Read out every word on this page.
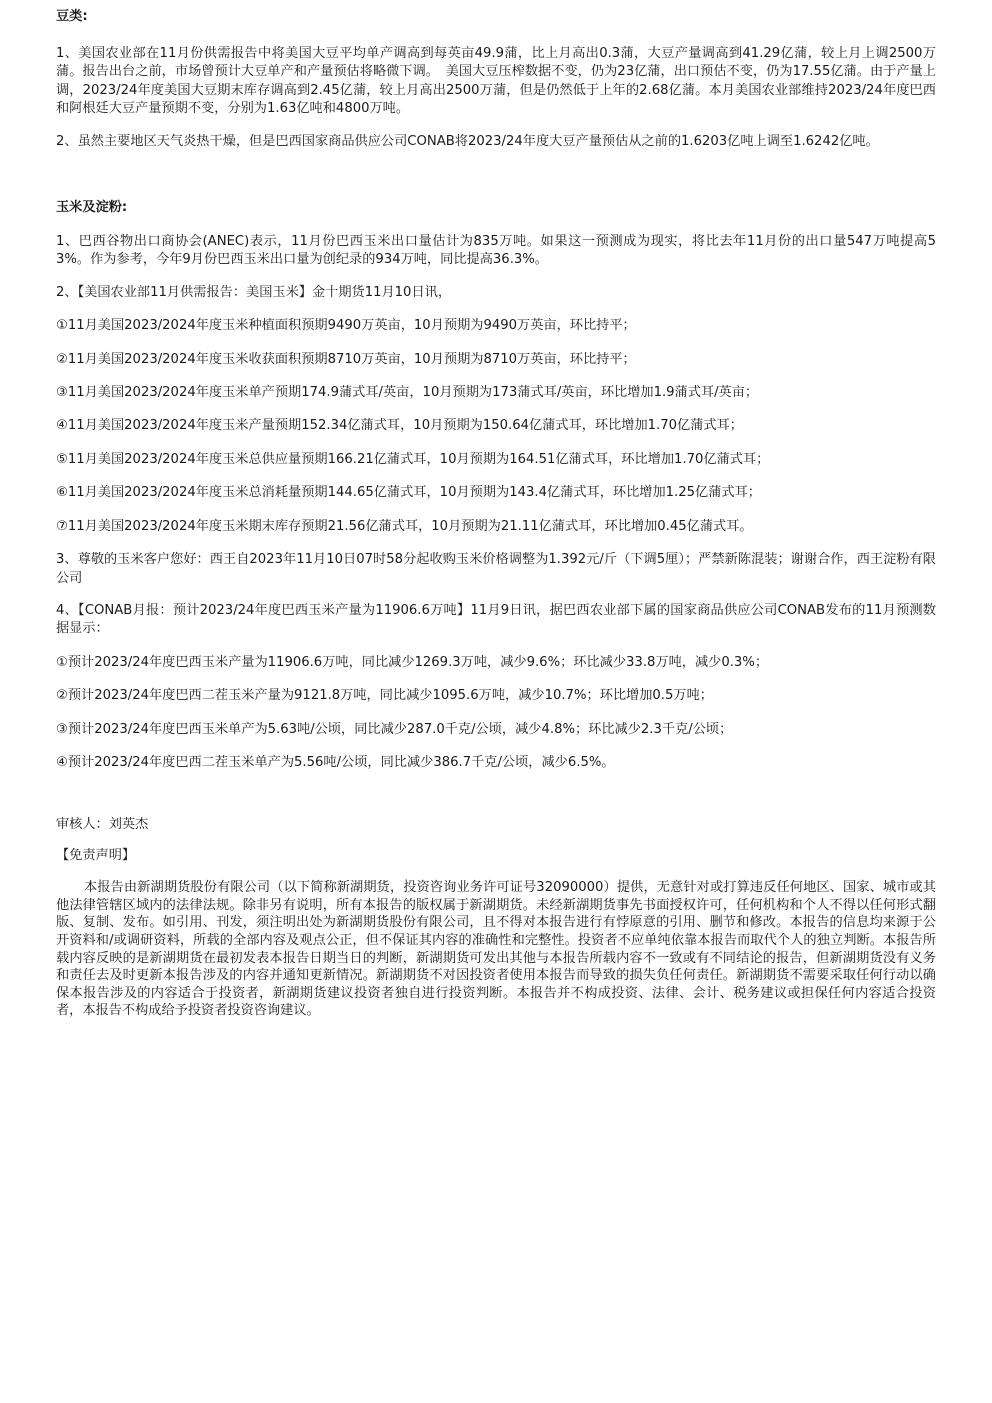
豆类:

1、美国农业部在11月份供需报告中将美国大豆平均单产调高到每英亩49.9蒲，比上月高出0.3蒲，大豆产量调高到41.29亿蒲，较上月上调2500万蒲。报告出台之前，市场曾预计大豆单产和产量预估将略微下调。　美国大豆压榨数据不变，仍为23亿蒲，出口预估不变，仍为17.55亿蒲。由于产量上调，2023/24年度美国大豆期末库存调高到2.45亿蒲，较上月高出2500万蒲，但是仍然低于上年的2.68亿蒲。本月美国农业部维持2023/24年度巴西和阿根廷大豆产量预期不变，分别为1.63亿吨和4800万吨。

2、虽然主要地区天气炎热干燥，但是巴西国家商品供应公司CONAB将2023/24年度大豆产量预估从之前的1.6203亿吨上调至1.6242亿吨。

玉米及淀粉:

1、巴西谷物出口商协会(ANEC)表示，11月份巴西玉米出口量估计为835万吨。如果这一预测成为现实，将比去年11月份的出口量547万吨提高53%。作为参考，今年9月份巴西玉米出口量为创纪录的934万吨，同比提高36.3%。

2、【美国农业部11月供需报告：美国玉米】金十期货11月10日讯，

①11月美国2023/2024年度玉米种植面积预期9490万英亩，10月预期为9490万英亩，环比持平；

②11月美国2023/2024年度玉米收获面积预期8710万英亩，10月预期为8710万英亩，环比持平；

③11月美国2023/2024年度玉米单产预期174.9蒲式耳/英亩，10月预期为173蒲式耳/英亩，环比增加1.9蒲式耳/英亩；

④11月美国2023/2024年度玉米产量预期152.34亿蒲式耳，10月预期为150.64亿蒲式耳，环比增加1.70亿蒲式耳；

⑤11月美国2023/2024年度玉米总供应量预期166.21亿蒲式耳，10月预期为164.51亿蒲式耳，环比增加1.70亿蒲式耳；

⑥11月美国2023/2024年度玉米总消耗量预期144.65亿蒲式耳，10月预期为143.4亿蒲式耳，环比增加1.25亿蒲式耳；

⑦11月美国2023/2024年度玉米期末库存预期21.56亿蒲式耳，10月预期为21.11亿蒲式耳，环比增加0.45亿蒲式耳。

3、尊敬的玉米客户您好：西王自2023年11月10日07时58分起收购玉米价格调整为1.392元/斤（下调5厘）；严禁新陈混装；谢谢合作，西王淀粉有限公司

4、【CONAB月报：预计2023/24年度巴西玉米产量为11906.6万吨】11月9日讯，据巴西农业部下属的国家商品供应公司CONAB发布的11月预测数据显示：

①预计2023/24年度巴西玉米产量为11906.6万吨，同比减少1269.3万吨，减少9.6%；环比减少33.8万吨，减少0.3%；

②预计2023/24年度巴西二茬玉米产量为9121.8万吨，同比减少1095.6万吨，减少10.7%；环比增加0.5万吨；

③预计2023/24年度巴西玉米单产为5.63吨/公顷，同比减少287.0千克/公顷，减少4.8%；环比减少2.3千克/公顷；

④预计2023/24年度巴西二茬玉米单产为5.56吨/公顷，同比减少386.7千克/公顷，减少6.5%。

审核人：刘英杰

【免责声明】

本报告由新湖期货股份有限公司（以下简称新湖期货，投资咨询业务许可证号32090000）提供，无意针对或打算违反任何地区、国家、城市或其他法律管辖区域内的法律法规。除非另有说明，所有本报告的版权属于新湖期货。未经新湖期货事先书面授权许可，任何机构和个人不得以任何形式翻版、复制、发布。如引用、刊发，须注明出处为新湖期货股份有限公司，且不得对本报告进行有悖原意的引用、删节和修改。本报告的信息均来源于公开资料和/或调研资料，所载的全部内容及观点公正，但不保证其内容的准确性和完整性。投资者不应单纯依靠本报告而取代个人的独立判断。本报告所载内容反映的是新湖期货在最初发表本报告日期当日的判断，新湖期货可发出其他与本报告所载内容不一致或有不同结论的报告，但新湖期货没有义务和责任去及时更新本报告涉及的内容并通知更新情况。新湖期货不对因投资者使用本报告而导致的损失负任何责任。新湖期货不需要采取任何行动以确保本报告涉及的内容适合于投资者，新湖期货建议投资者独自进行投资判断。本报告并不构成投资、法律、会计、税务建议或担保任何内容适合投资者，本报告不构成给予投资者投资咨询建议。
